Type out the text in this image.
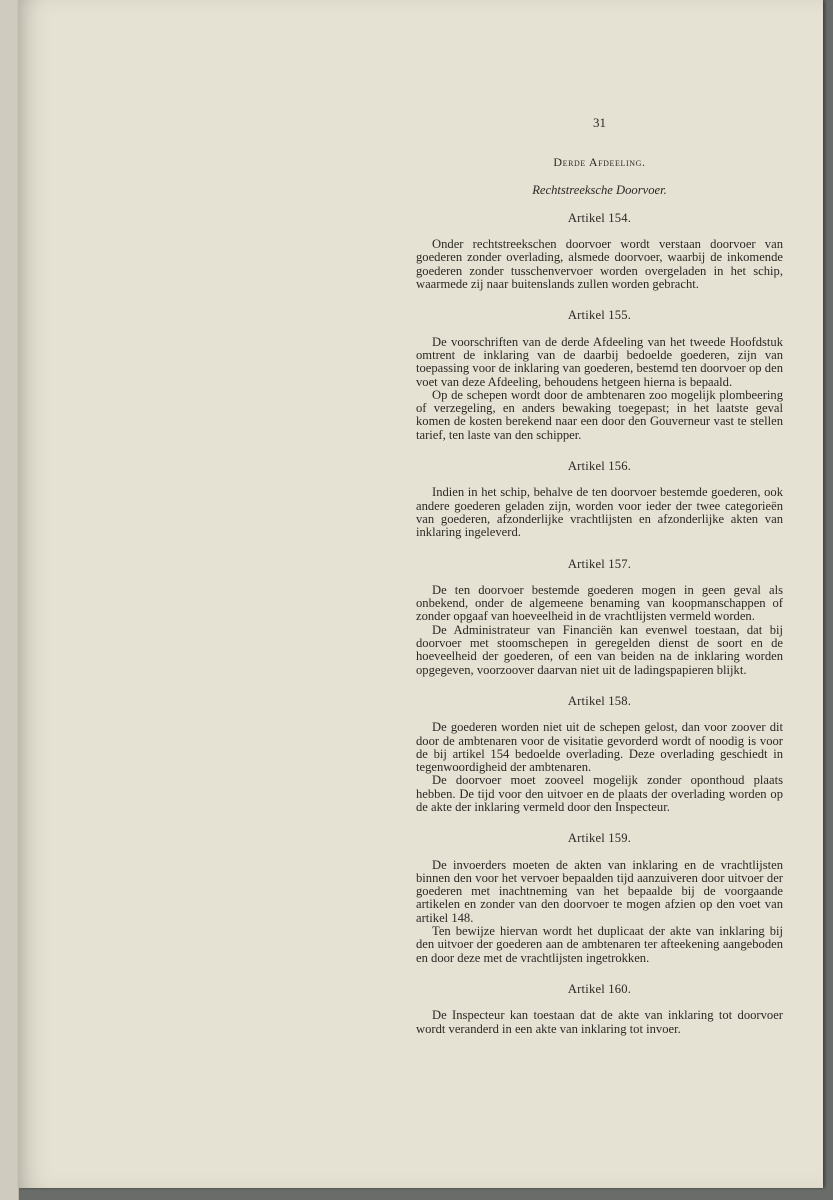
31
Derde Afdeeling.
Rechtstreeksche Doorvoer.
Artikel 154.

Onder rechtstreekschen doorvoer wordt verstaan doorvoer van goederen zonder overlading, alsmede doorvoer, waarbij de inkomende goederen zonder tusschenvervoer worden overgeladen in het schip, waarmede zij naar buitenslands zullen worden gebracht.

Artikel 155.

De voorschriften van de derde Afdeeling van het tweede Hoofdstuk omtrent de inklaring van de daarbij bedoelde goederen, zijn van toepassing voor de inklaring van goederen, bestemd ten doorvoer op den voet van deze Afdeeling, behoudens hetgeen hierna is bepaald.

Op de schepen wordt door de ambtenaren zoo mogelijk plombeering of verzegeling, en anders bewaking toegepast; in het laatste geval komen de kosten berekend naar een door den Gouverneur vast te stellen tarief, ten laste van den schipper.

Artikel 156.

Indien in het schip, behalve de ten doorvoer bestemde goederen, ook andere goederen geladen zijn, worden voor ieder der twee categorieën van goederen, afzonderlijke vrachtlijsten en afzonderlijke akten van inklaring ingeleverd.

Artikel 157.

De ten doorvoer bestemde goederen mogen in geen geval als onbekend, onder de algemeene benaming van koopmanschappen of zonder opgaaf van hoeveelheid in de vrachtlijsten vermeld worden.

De Administrateur van Financiën kan evenwel toestaan, dat bij doorvoer met stoomschepen in geregelden dienst de soort en de hoeveelheid der goederen, of een van beiden na de inklaring worden opgegeven, voorzoover daarvan niet uit de ladingspapieren blijkt.

Artikel 158.

De goederen worden niet uit de schepen gelost, dan voor zoover dit door de ambtenaren voor de visitatie gevorderd wordt of noodig is voor de bij artikel 154 bedoelde overlading. Deze overlading geschiedt in tegenwoordigheid der ambtenaren.

De doorvoer moet zooveel mogelijk zonder oponthoud plaats hebben. De tijd voor den uitvoer en de plaats der overlading worden op de akte der inklaring vermeld door den Inspecteur.

Artikel 159.

De invoerders moeten de akten van inklaring en de vrachtlijsten binnen den voor het vervoer bepaalden tijd aanzuiveren door uitvoer der goederen met inachtneming van het bepaalde bij de voorgaande artikelen en zonder van den doorvoer te mogen afzien op den voet van artikel 148.

Ten bewijze hiervan wordt het duplicaat der akte van inklaring bij den uitvoer der goederen aan de ambtenaren ter afteekening aangeboden en door deze met de vrachtlijsten ingetrokken.

Artikel 160.

De Inspecteur kan toestaan dat de akte van inklaring tot doorvoer wordt veranderd in een akte van inklaring tot invoer.
